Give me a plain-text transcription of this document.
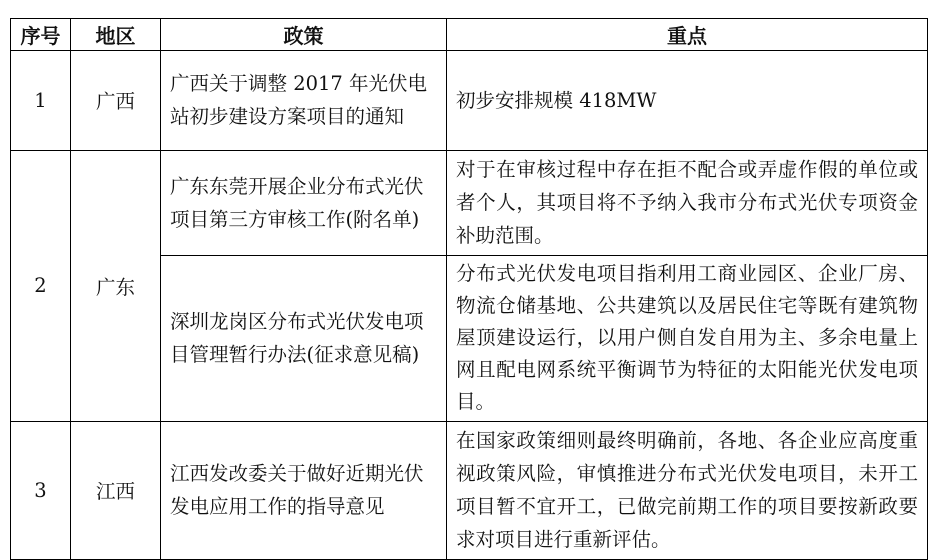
序号	地区	政策	重点
1	广西	广西关于调整 2017 年光伏电站初步建设方案项目的通知	初步安排规模 418MW
2	广东	广东东莞开展企业分布式光伏项目第三方审核工作(附名单)	对于在审核过程中存在拒不配合或弄虚作假的单位或者个人，其项目将不予纳入我市分布式光伏专项资金补助范围。
		深圳龙岗区分布式光伏发电项目管理暂行办法(征求意见稿)	分布式光伏发电项目指利用工商业园区、企业厂房、物流仓储基地、公共建筑以及居民住宅等既有建筑物屋顶建设运行，以用户侧自发自用为主、多余电量上网且配电网系统平衡调节为特征的太阳能光伏发电项目。
3	江西	江西发改委关于做好近期光伏发电应用工作的指导意见	在国家政策细则最终明确前，各地、各企业应高度重视政策风险，审慎推进分布式光伏发电项目，未开工项目暂不宜开工，已做完前期工作的项目要按新政要求对项目进行重新评估。
